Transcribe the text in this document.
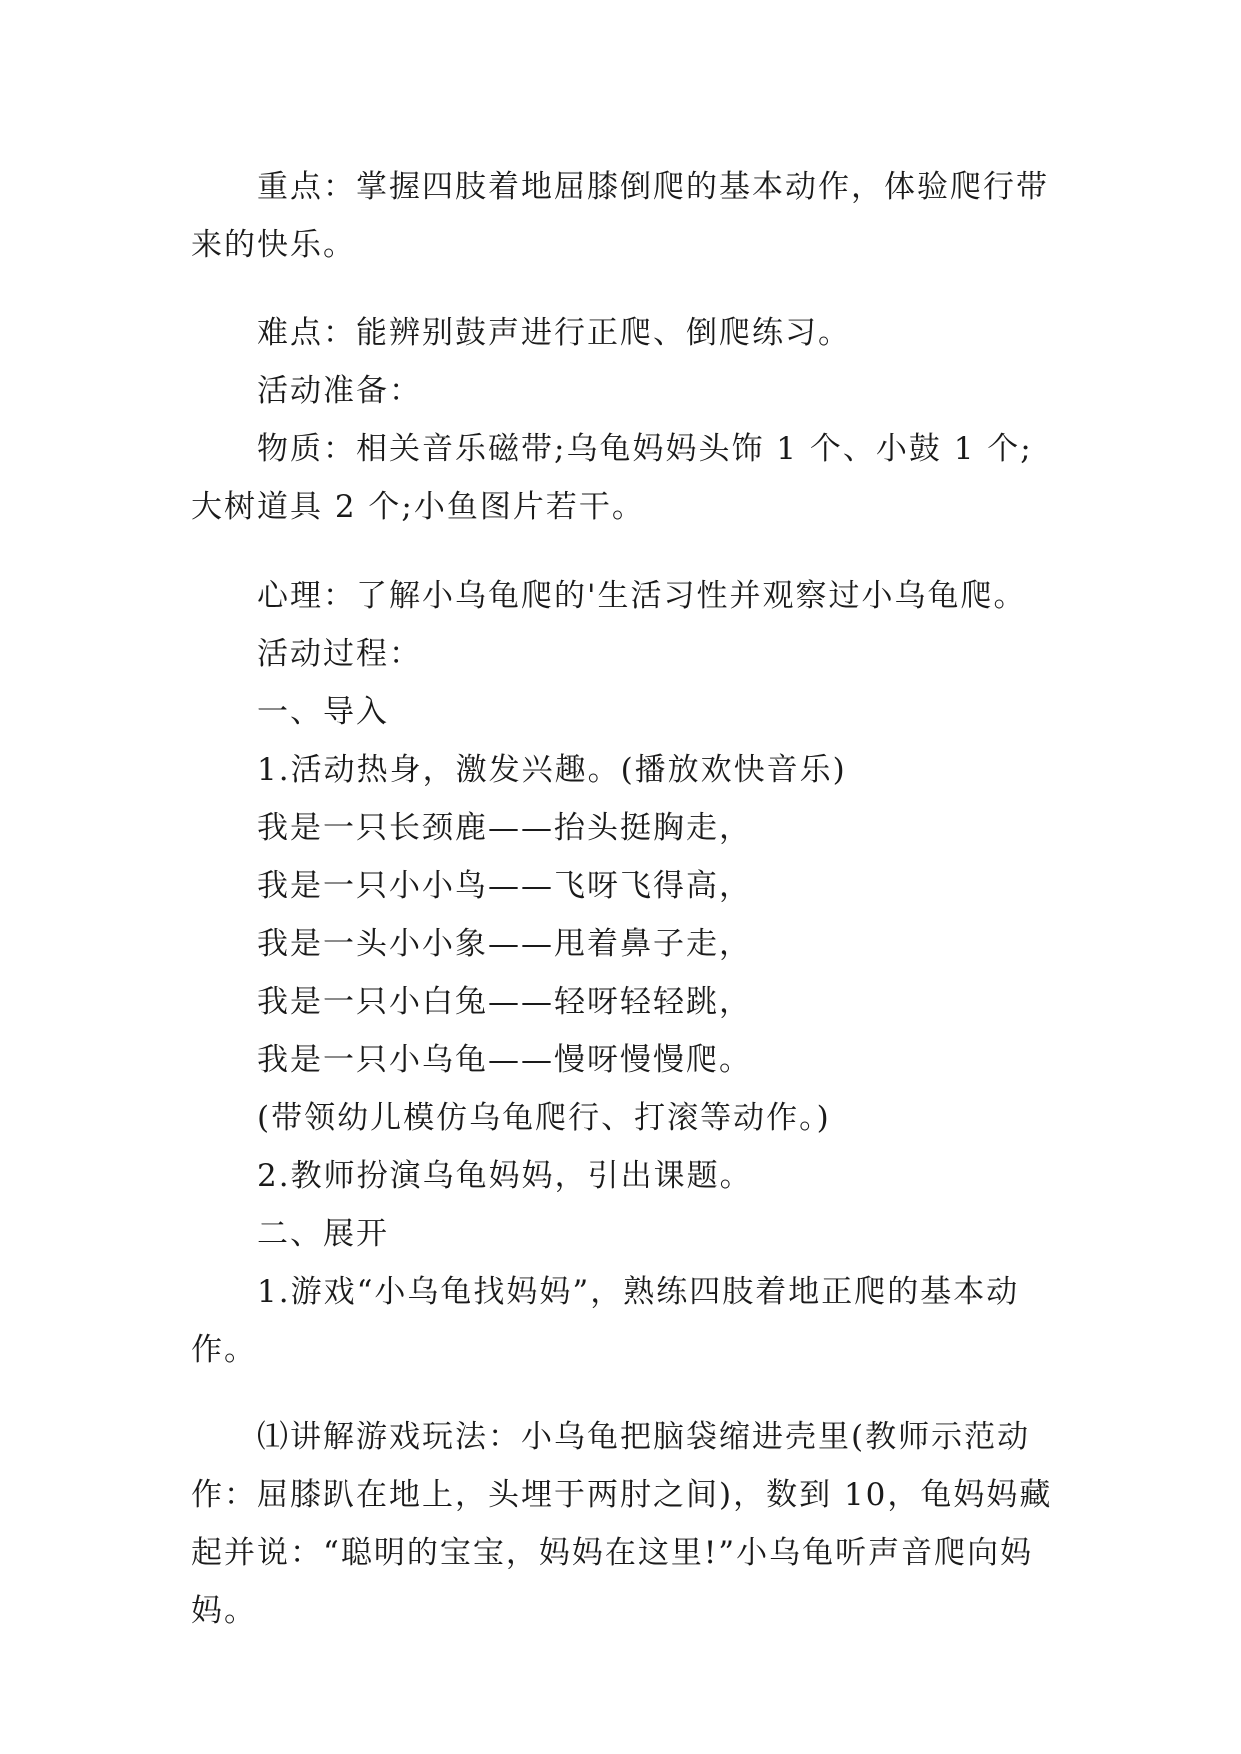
重点：掌握四肢着地屈膝倒爬的基本动作，体验爬行带来的快乐。

难点：能辨别鼓声进行正爬、倒爬练习。

活动准备：

物质：相关音乐磁带;乌龟妈妈头饰 1 个、小鼓 1 个;大树道具 2 个;小鱼图片若干。

心理：了解小乌龟爬的'生活习性并观察过小乌龟爬。

活动过程：

一、导入

1.活动热身，激发兴趣。(播放欢快音乐)

我是一只长颈鹿——抬头挺胸走，

我是一只小小鸟——飞呀飞得高，

我是一头小小象——甩着鼻子走，

我是一只小白兔——轻呀轻轻跳，

我是一只小乌龟——慢呀慢慢爬。

(带领幼儿模仿乌龟爬行、打滚等动作。)

2.教师扮演乌龟妈妈，引出课题。

二、展开

1.游戏“小乌龟找妈妈”，熟练四肢着地正爬的基本动作。

⑴讲解游戏玩法：小乌龟把脑袋缩进壳里(教师示范动作：屈膝趴在地上，头埋于两肘之间)，数到 10，龟妈妈藏起并说：“聪明的宝宝，妈妈在这里!”小乌龟听声音爬向妈妈。
